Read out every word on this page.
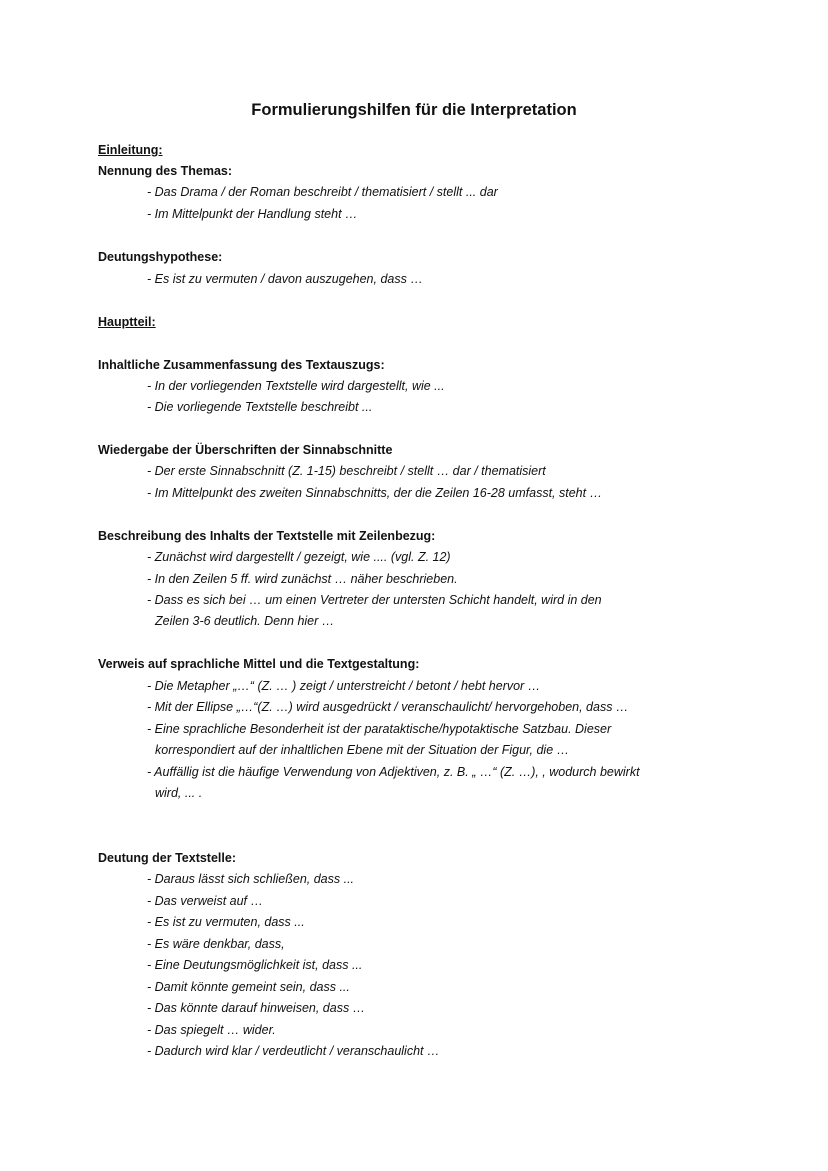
Formulierungshilfen für die Interpretation
Einleitung:
Nennung des Themas:
- Das Drama / der Roman beschreibt / thematisiert / stellt ... dar
- Im Mittelpunkt der Handlung steht …
Deutungshypothese:
- Es ist zu vermuten / davon auszugehen, dass …
Hauptteil:
Inhaltliche Zusammenfassung des Textauszugs:
- In der vorliegenden Textstelle wird dargestellt, wie ...
- Die vorliegende Textstelle beschreibt ...
Wiedergabe der Überschriften der Sinnabschnitte
- Der erste Sinnabschnitt (Z. 1-15) beschreibt / stellt … dar / thematisiert
- Im Mittelpunkt des zweiten Sinnabschnitts, der die Zeilen 16-28 umfasst, steht …
Beschreibung des Inhalts der Textstelle mit Zeilenbezug:
- Zunächst wird dargestellt / gezeigt, wie .... (vgl. Z. 12)
- In den Zeilen 5 ff. wird zunächst … näher beschrieben.
- Dass es sich bei … um einen Vertreter der untersten Schicht handelt, wird in den
Zeilen 3-6 deutlich. Denn hier …
Verweis auf sprachliche Mittel und die Textgestaltung:
- Die Metapher „…“ (Z. … ) zeigt / unterstreicht / betont / hebt hervor …
- Mit der Ellipse „…“(Z. …) wird ausgedrückt / veranschaulicht/ hervorgehoben, dass …
- Eine sprachliche Besonderheit ist der parataktische/hypotaktische Satzbau. Dieser
korrespondiert auf der inhaltlichen Ebene mit der Situation der Figur, die …
- Auffällig ist die häufige Verwendung von Adjektiven, z. B. „ …“ (Z. …), , wodurch bewirkt
wird, ... .
Deutung der Textstelle:
- Daraus lässt sich schließen, dass ...
- Das verweist auf …
- Es ist zu vermuten, dass ...
- Es wäre denkbar, dass,
- Eine Deutungsmöglichkeit ist, dass ...
- Damit könnte gemeint sein, dass ...
- Das könnte darauf hinweisen, dass …
- Das spiegelt … wider.
- Dadurch wird klar / verdeutlicht / veranschaulicht …
